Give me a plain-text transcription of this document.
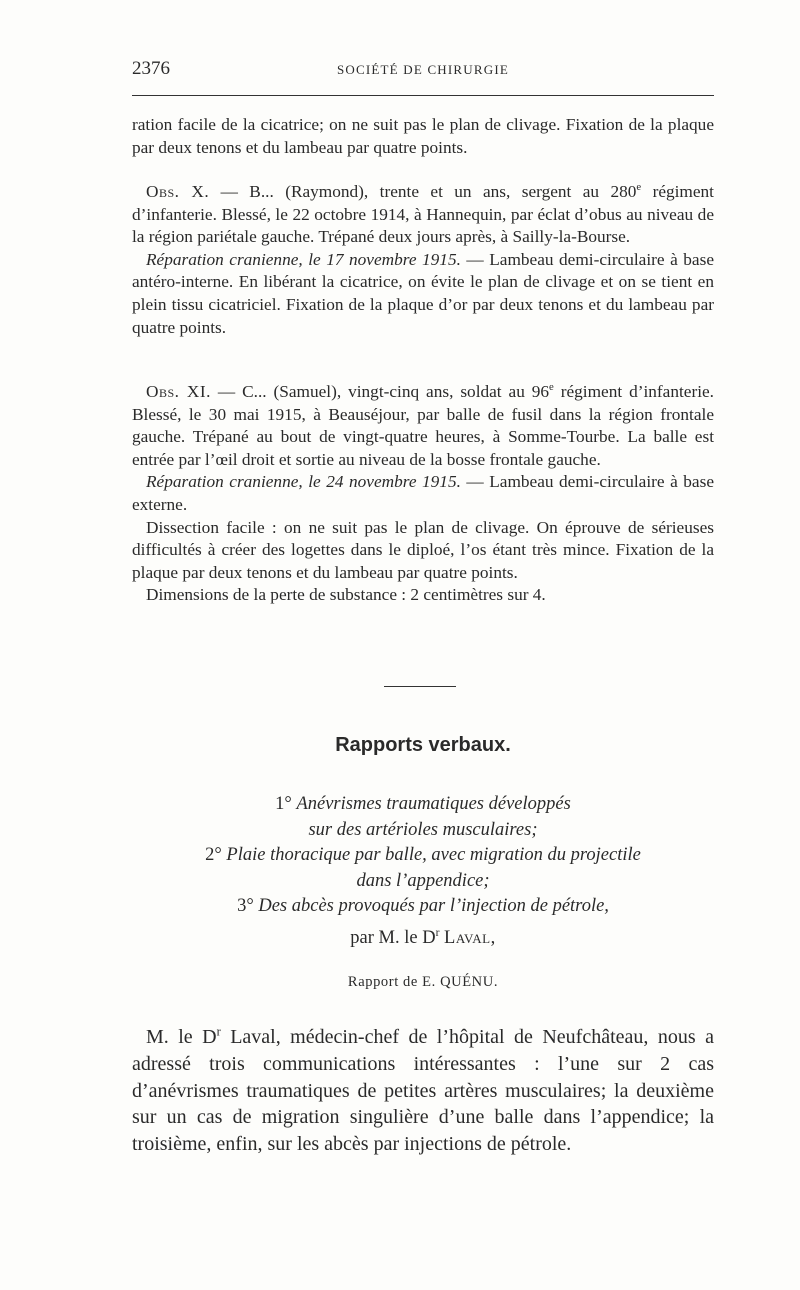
2376	SOCIÉTÉ DE CHIRURGIE

ration facile de la cicatrice; on ne suit pas le plan de clivage. Fixation de la plaque par deux tenons et du lambeau par quatre points.

Obs. X. — B... (Raymond), trente et un ans, sergent au 280e régiment d’infanterie. Blessé, le 22 octobre 1914, à Hannequin, par éclat d’obus au niveau de la région pariétale gauche. Trépané deux jours après, à Sailly-la-Bourse.

Réparation cranienne, le 17 novembre 1915. — Lambeau demi-circulaire à base antéro-interne. En libérant la cicatrice, on évite le plan de clivage et on se tient en plein tissu cicatriciel. Fixation de la plaque d’or par deux tenons et du lambeau par quatre points.

Obs. XI. — C... (Samuel), vingt-cinq ans, soldat au 96e régiment d’infanterie. Blessé, le 30 mai 1915, à Beauséjour, par balle de fusil dans la région frontale gauche. Trépané au bout de vingt-quatre heures, à Somme-Tourbe. La balle est entrée par l’œil droit et sortie au niveau de la bosse frontale gauche.

Réparation cranienne, le 24 novembre 1915. — Lambeau demi-circulaire à base externe.

Dissection facile : on ne suit pas le plan de clivage. On éprouve de sérieuses difficultés à créer des logettes dans le diploé, l’os étant très mince. Fixation de la plaque par deux tenons et du lambeau par quatre points.

Dimensions de la perte de substance : 2 centimètres sur 4.

Rapports verbaux.
1° Anévrismes traumatiques développés
sur des artérioles musculaires;
2° Plaie thoracique par balle, avec migration du projectile
dans l’appendice;
3° Des abcès provoqués par l’injection de pétrole,
par M. le $D^r$ Laval,
Rapport de E. QUÉNU.

M. le $D^r$ Laval, médecin-chef de l’hôpital de Neufchâteau, nous a adressé trois communications intéressantes : l’une sur 2 cas d’anévrismes traumatiques de petites artères musculaires; la deuxième sur un cas de migration singulière d’une balle dans l’appendice; la troisième, enfin, sur les abcès par injections de pétrole.
